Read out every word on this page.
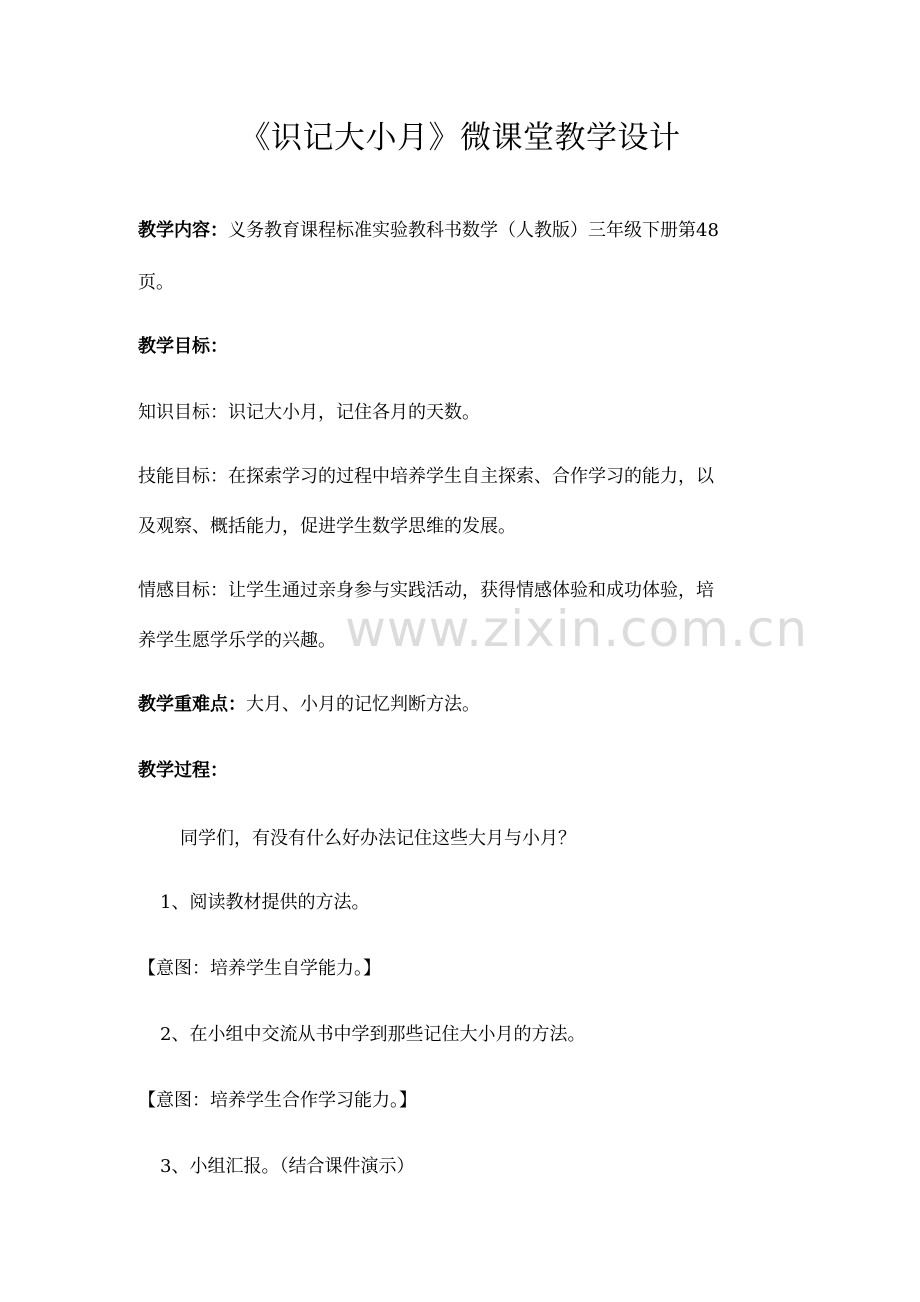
《识记大小月》微课堂教学设计
教学内容：义务教育课程标准实验教科书数学（人教版）三年级下册第48
页。
教学目标：
知识目标：识记大小月，记住各月的天数。
技能目标：在探索学习的过程中培养学生自主探索、合作学习的能力，以
及观察、概括能力，促进学生数学思维的发展。
情感目标：让学生通过亲身参与实践活动，获得情感体验和成功体验，培
养学生愿学乐学的兴趣。
教学重难点：大月、小月的记忆判断方法。
教学过程：
同学们，有没有什么好办法记住这些大月与小月？
1、阅读教材提供的方法。
【意图：培养学生自学能力。】
2、在小组中交流从书中学到那些记住大小月的方法。
【意图：培养学生合作学习能力。】
3、小组汇报。（结合课件演示）
www.zixin.com.cn
